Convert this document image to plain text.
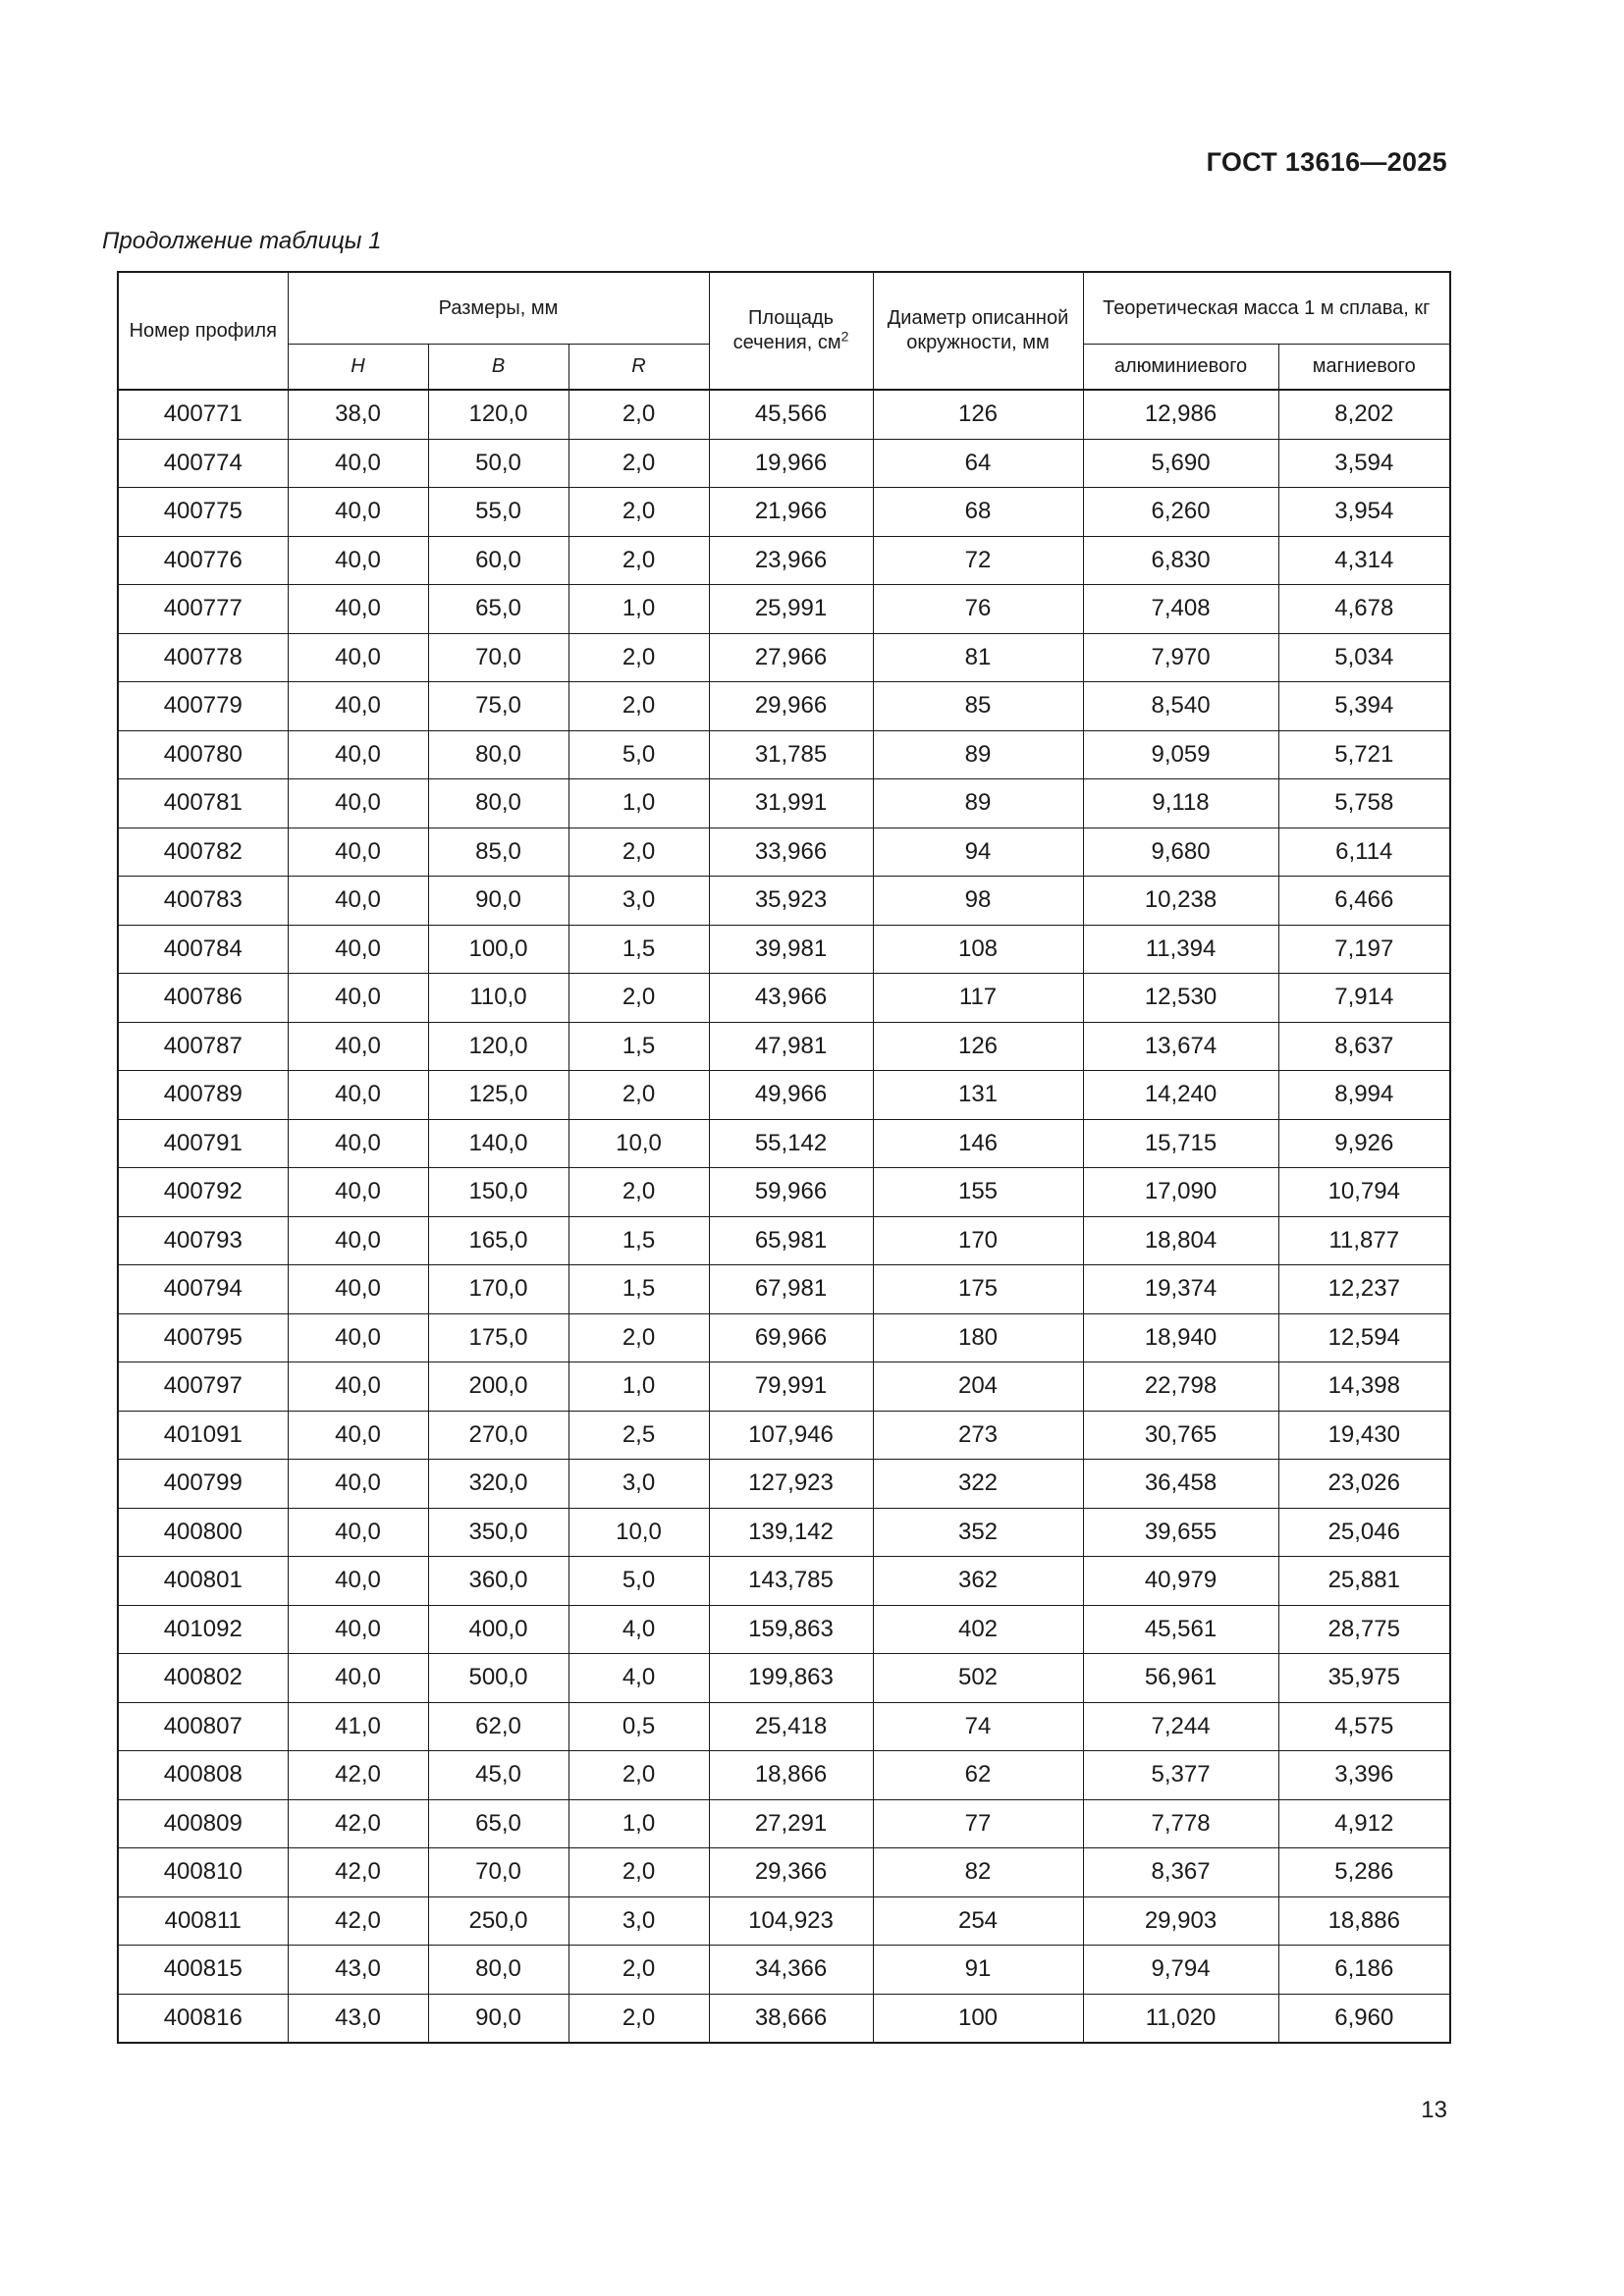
ГОСТ 13616—2025
Продолжение таблицы 1
Номер профиля	Размеры, мм			Площадь сечения, $см^2$	Диаметр описанной окружности, мм	Теоретическая масса 1 м сплава, кг	
	H	B	R			алюминиевого	магниевого
400771	38,0	120,0	2,0	45,566	126	12,986	8,202
400774	40,0	50,0	2,0	19,966	64	5,690	3,594
400775	40,0	55,0	2,0	21,966	68	6,260	3,954
400776	40,0	60,0	2,0	23,966	72	6,830	4,314
400777	40,0	65,0	1,0	25,991	76	7,408	4,678
400778	40,0	70,0	2,0	27,966	81	7,970	5,034
400779	40,0	75,0	2,0	29,966	85	8,540	5,394
400780	40,0	80,0	5,0	31,785	89	9,059	5,721
400781	40,0	80,0	1,0	31,991	89	9,118	5,758
400782	40,0	85,0	2,0	33,966	94	9,680	6,114
400783	40,0	90,0	3,0	35,923	98	10,238	6,466
400784	40,0	100,0	1,5	39,981	108	11,394	7,197
400786	40,0	110,0	2,0	43,966	117	12,530	7,914
400787	40,0	120,0	1,5	47,981	126	13,674	8,637
400789	40,0	125,0	2,0	49,966	131	14,240	8,994
400791	40,0	140,0	10,0	55,142	146	15,715	9,926
400792	40,0	150,0	2,0	59,966	155	17,090	10,794
400793	40,0	165,0	1,5	65,981	170	18,804	11,877
400794	40,0	170,0	1,5	67,981	175	19,374	12,237
400795	40,0	175,0	2,0	69,966	180	18,940	12,594
400797	40,0	200,0	1,0	79,991	204	22,798	14,398
401091	40,0	270,0	2,5	107,946	273	30,765	19,430
400799	40,0	320,0	3,0	127,923	322	36,458	23,026
400800	40,0	350,0	10,0	139,142	352	39,655	25,046
400801	40,0	360,0	5,0	143,785	362	40,979	25,881
401092	40,0	400,0	4,0	159,863	402	45,561	28,775
400802	40,0	500,0	4,0	199,863	502	56,961	35,975
400807	41,0	62,0	0,5	25,418	74	7,244	4,575
400808	42,0	45,0	2,0	18,866	62	5,377	3,396
400809	42,0	65,0	1,0	27,291	77	7,778	4,912
400810	42,0	70,0	2,0	29,366	82	8,367	5,286
400811	42,0	250,0	3,0	104,923	254	29,903	18,886
400815	43,0	80,0	2,0	34,366	91	9,794	6,186
400816	43,0	90,0	2,0	38,666	100	11,020	6,960
13
